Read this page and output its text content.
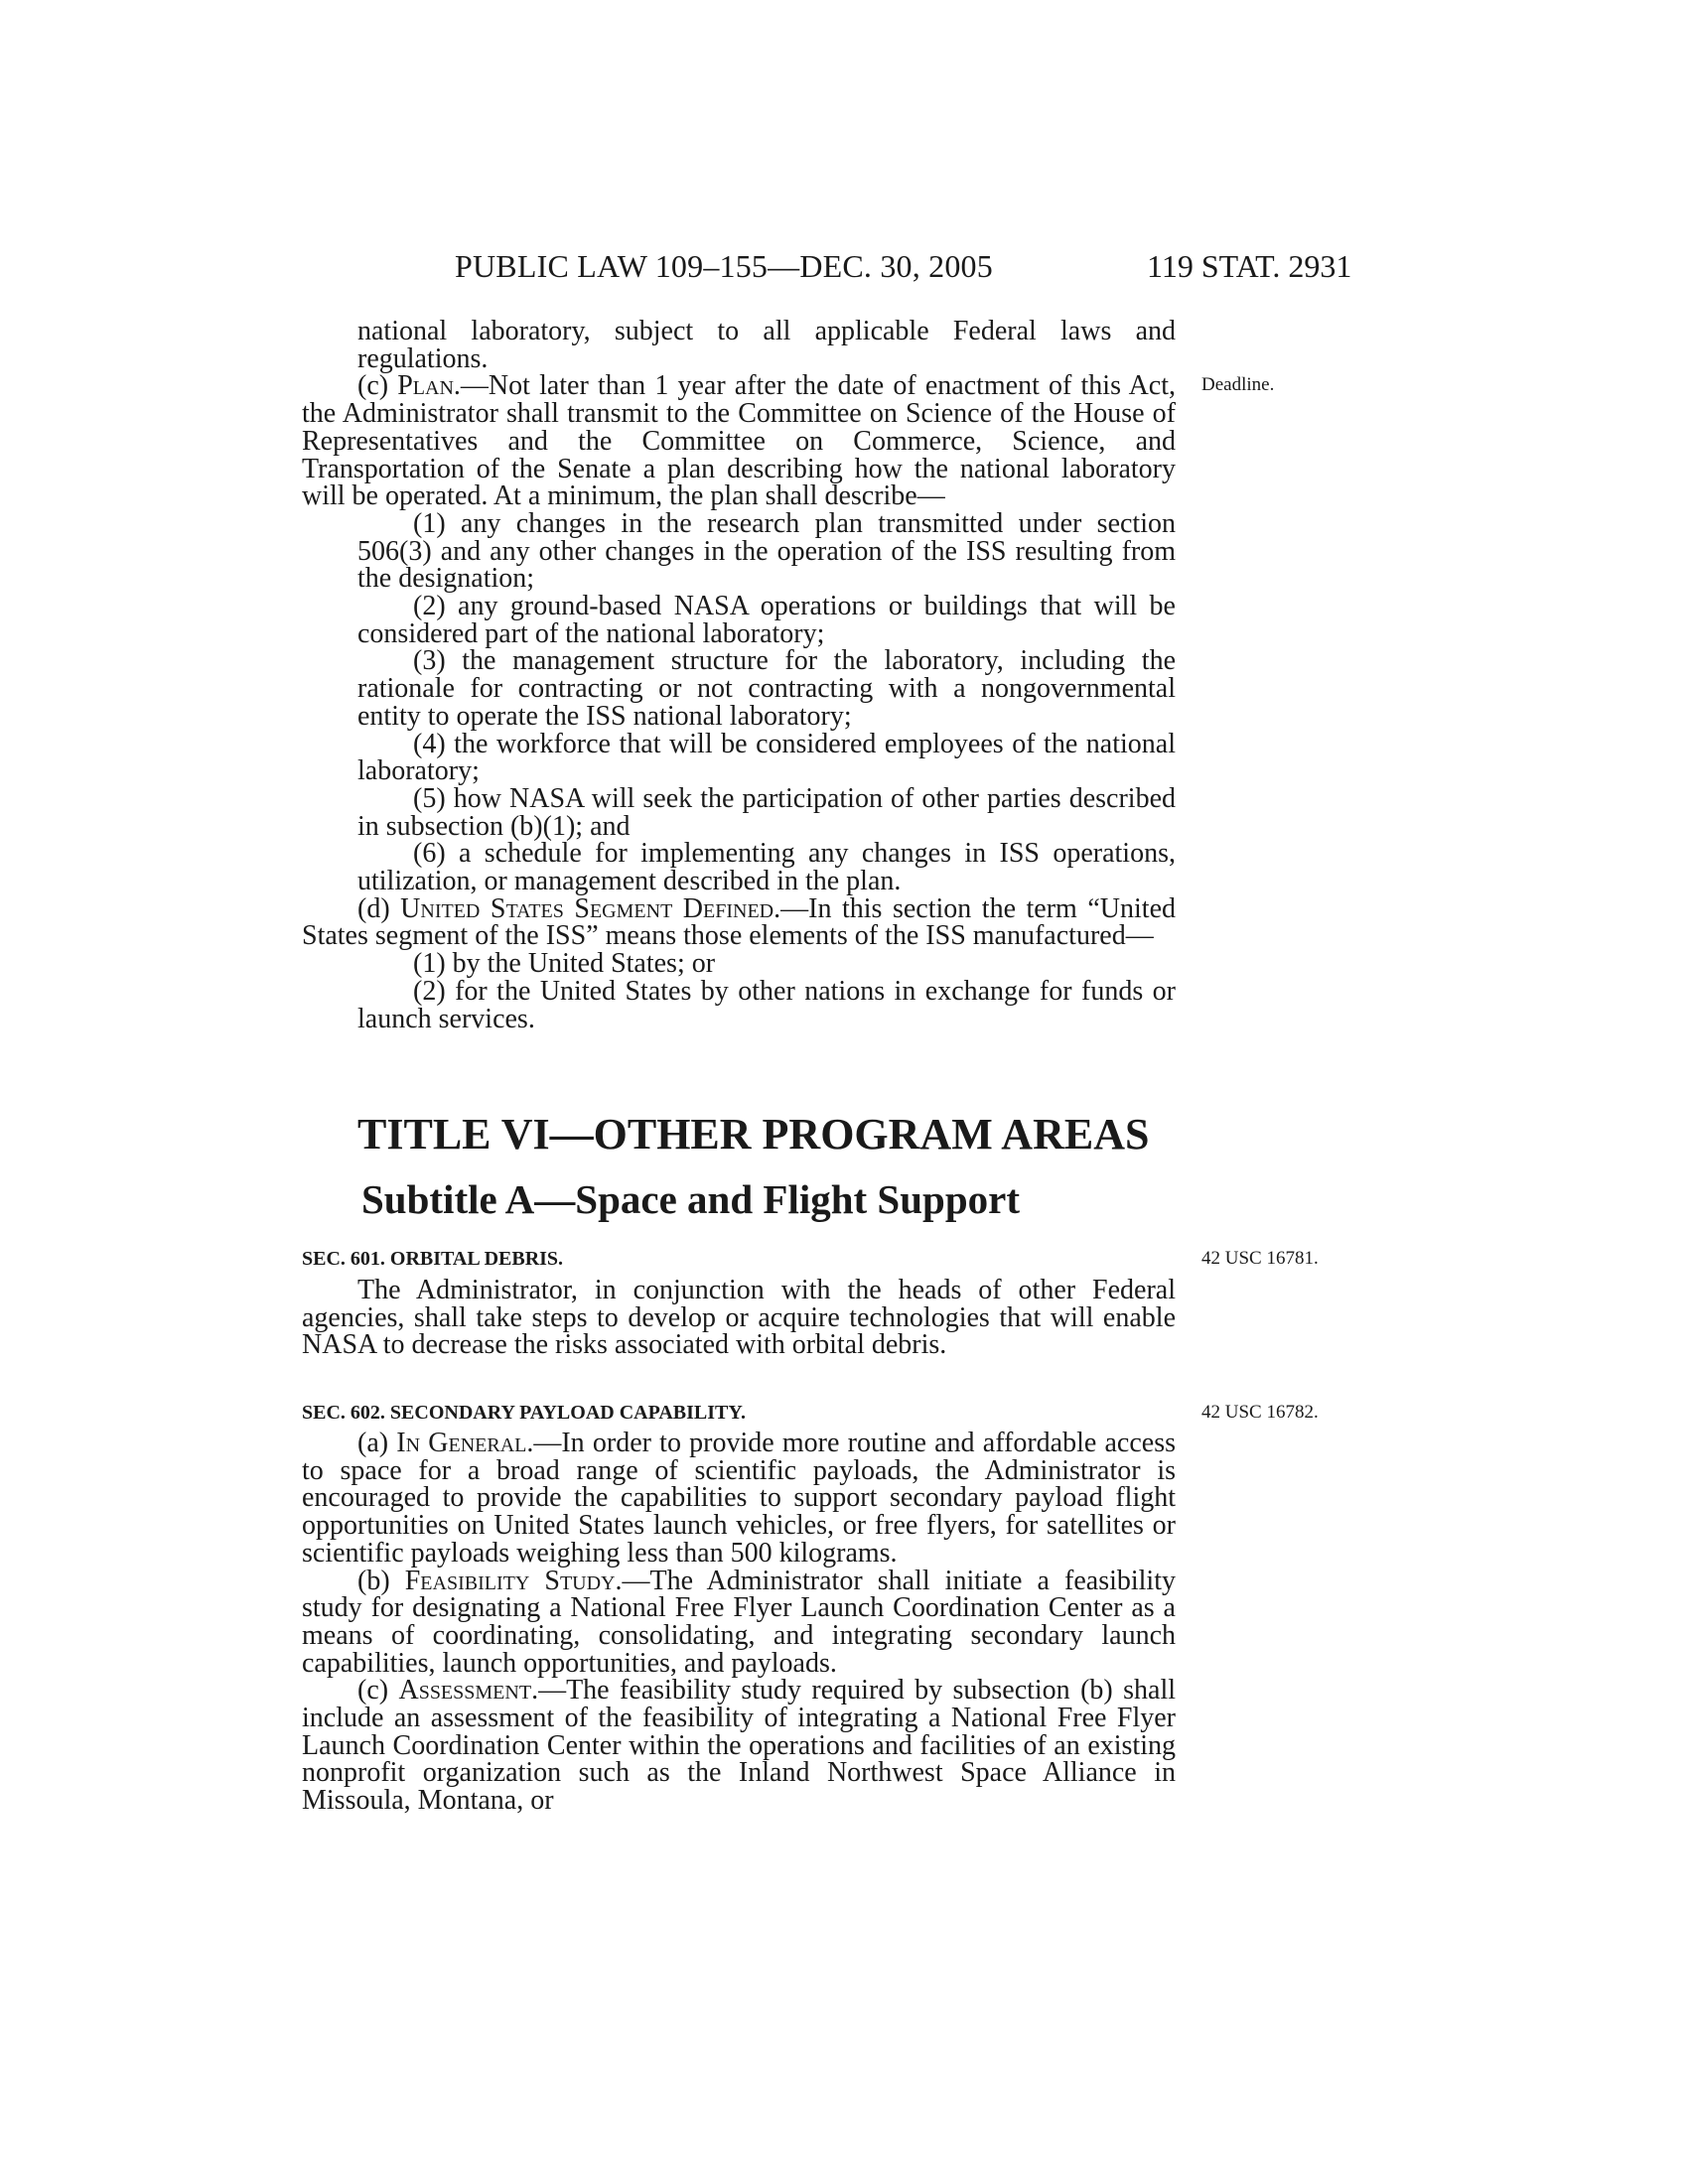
PUBLIC LAW 109–155—DEC. 30, 2005	119 STAT. 2931
Deadline.

national laboratory, subject to all applicable Federal laws and regulations.

(c) Plan.—Not later than 1 year after the date of enactment of this Act, the Administrator shall transmit to the Committee on Science of the House of Representatives and the Committee on Commerce, Science, and Transportation of the Senate a plan describing how the national laboratory will be operated. At a minimum, the plan shall describe—

(1) any changes in the research plan transmitted under section 506(3) and any other changes in the operation of the ISS resulting from the designation;

(2) any ground-based NASA operations or buildings that will be considered part of the national laboratory;

(3) the management structure for the laboratory, including the rationale for contracting or not contracting with a nongovernmental entity to operate the ISS national laboratory;

(4) the workforce that will be considered employees of the national laboratory;

(5) how NASA will seek the participation of other parties described in subsection (b)(1); and

(6) a schedule for implementing any changes in ISS operations, utilization, or management described in the plan.

(d) United States Segment Defined.—In this section the term “United States segment of the ISS” means those elements of the ISS manufactured—

(1) by the United States; or

(2) for the United States by other nations in exchange for funds or launch services.

TITLE VI—OTHER PROGRAM AREAS
Subtitle A—Space and Flight Support
SEC. 601. ORBITAL DEBRIS.	42 USC 16781.

The Administrator, in conjunction with the heads of other Federal agencies, shall take steps to develop or acquire technologies that will enable NASA to decrease the risks associated with orbital debris.

SEC. 602. SECONDARY PAYLOAD CAPABILITY.	42 USC 16782.

(a) In General.—In order to provide more routine and affordable access to space for a broad range of scientific payloads, the Administrator is encouraged to provide the capabilities to support secondary payload flight opportunities on United States launch vehicles, or free flyers, for satellites or scientific payloads weighing less than 500 kilograms.

(b) Feasibility Study.—The Administrator shall initiate a feasibility study for designating a National Free Flyer Launch Coordination Center as a means of coordinating, consolidating, and integrating secondary launch capabilities, launch opportunities, and payloads.

(c) Assessment.—The feasibility study required by subsection (b) shall include an assessment of the feasibility of integrating a National Free Flyer Launch Coordination Center within the operations and facilities of an existing nonprofit organization such as the Inland Northwest Space Alliance in Missoula, Montana, or
